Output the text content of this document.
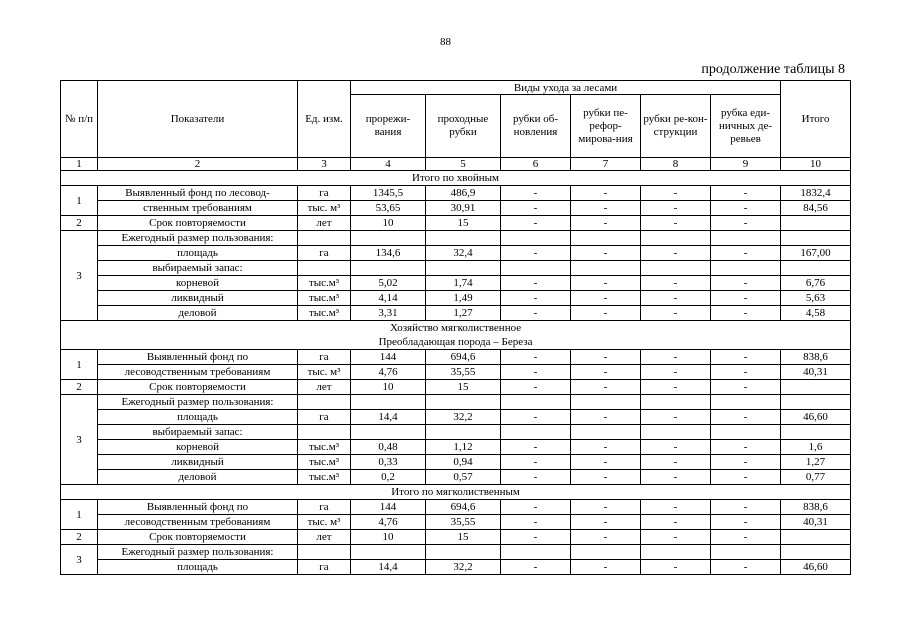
88
продолжение таблицы 8
№ п/п	Показатели	Ед. изм.	Виды ухода за лесами						Итого
			прорежи-вания	проходные рубки	рубки об-новления	рубки пе-рефор-мирова-ния	рубки ре-кон-струкции	рубка еди-ничных де-ревьев	
1	2	3	4	5	6	7	8	9	10

Итого по хвойным									

1	Выявленный фонд по лесовод-	га	1345,5	486,9	-	-	-	-	1832,4
	ственным требованиям	тыс. м³	53,65	30,91	-	-	-	-	84,56
2	Срок повторяемости	лет	10	15	-	-	-	-	
3	Ежегодный размер пользования:								
	площадь	га	134,6	32,4	-	-	-	-	167,00
	выбираемый запас:								
	корневой	тыс.м³	5,02	1,74	-	-	-	-	6,76
	ликвидный	тыс.м³	4,14	1,49	-	-	-	-	5,63
	деловой	тыс.м³	3,31	1,27	-	-	-	-	4,58

Хозяйство мягколиственное
Преобладающая порода – Береза									

1	Выявленный фонд по	га	144	694,6	-	-	-	-	838,6
	лесоводственным требованиям	тыс. м³	4,76	35,55	-	-	-	-	40,31
2	Срок повторяемости	лет	10	15	-	-	-	-	
3	Ежегодный размер пользования:								
	площадь	га	14,4	32,2	-	-	-	-	46,60
	выбираемый запас:								
	корневой	тыс.м³	0,48	1,12	-	-	-	-	1,6
	ликвидный	тыс.м³	0,33	0,94	-	-	-	-	1,27
	деловой	тыс.м³	0,2	0,57	-	-	-	-	0,77

Итого по мягколиственным									

1	Выявленный фонд по	га	144	694,6	-	-	-	-	838,6
	лесоводственным требованиям	тыс. м³	4,76	35,55	-	-	-	-	40,31
2	Срок повторяемости	лет	10	15	-	-	-	-	
3	Ежегодный размер пользования:								
	площадь	га	14,4	32,2	-	-	-	-	46,60
